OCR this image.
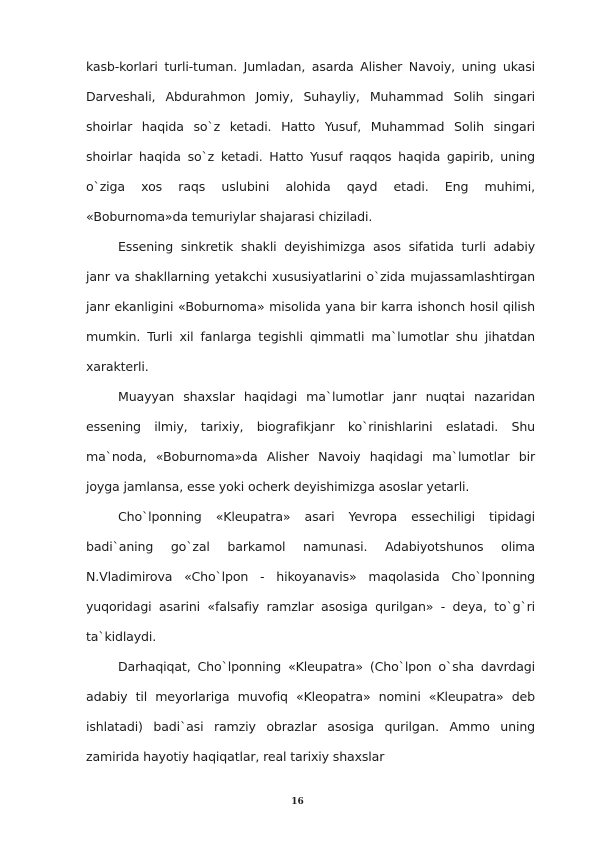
kasb-korlari turli-tuman. Jumladan, asarda Alisher Navoiy, uning ukasi Darveshali, Abdurahmon Jomiy, Suhayliy, Muhammad Solih singari shoirlar haqida so`z ketadi. Hatto Yusuf, Muhammad Solih singari shoirlar haqida so`z ketadi. Hatto Yusuf raqqos haqida gapirib, uning o`ziga xos raqs uslubini alohida qayd etadi. Eng muhimi, «Boburnoma»da temuriylar shajarasi chiziladi.

Essening sinkretik shakli deyishimizga asos sifatida turli adabiy janr va shakllarning yetakchi xususiyatlarini o`zida mujassamlashtirgan janr ekanligini «Boburnoma» misolida yana bir karra ishonch hosil qilish mumkin. Turli xil fanlarga tegishli qimmatli ma`lumotlar shu jihatdan xarakterli.

Muayyan shaxslar haqidagi ma`lumotlar janr nuqtai nazaridan essening ilmiy, tarixiy, biografikjanr ko`rinishlarini eslatadi. Shu ma`noda, «Boburnoma»da Alisher Navoiy haqidagi ma`lumotlar bir joyga jamlansa, esse yoki ocherk deyishimizga asoslar yetarli.

Cho`lponning «Kleupatra» asari Yevropa essechiligi tipidagi badi`aning go`zal barkamol namunasi. Adabiyotshunos olima N.Vladimirova «Cho`lpon - hikoyanavis» maqolasida Cho`lponning yuqoridagi asarini «falsafiy ramzlar asosiga qurilgan» - deya, to`g`ri ta`kidlaydi.

Darhaqiqat, Cho`lponning «Kleupatra» (Cho`lpon o`sha davrdagi adabiy til meyorlariga muvofiq «Kleopatra» nomini «Kleupatra» deb ishlatadi) badi`asi ramziy obrazlar asosiga qurilgan. Ammo uning zamirida hayotiy haqiqatlar, real tarixiy shaxslar

16
